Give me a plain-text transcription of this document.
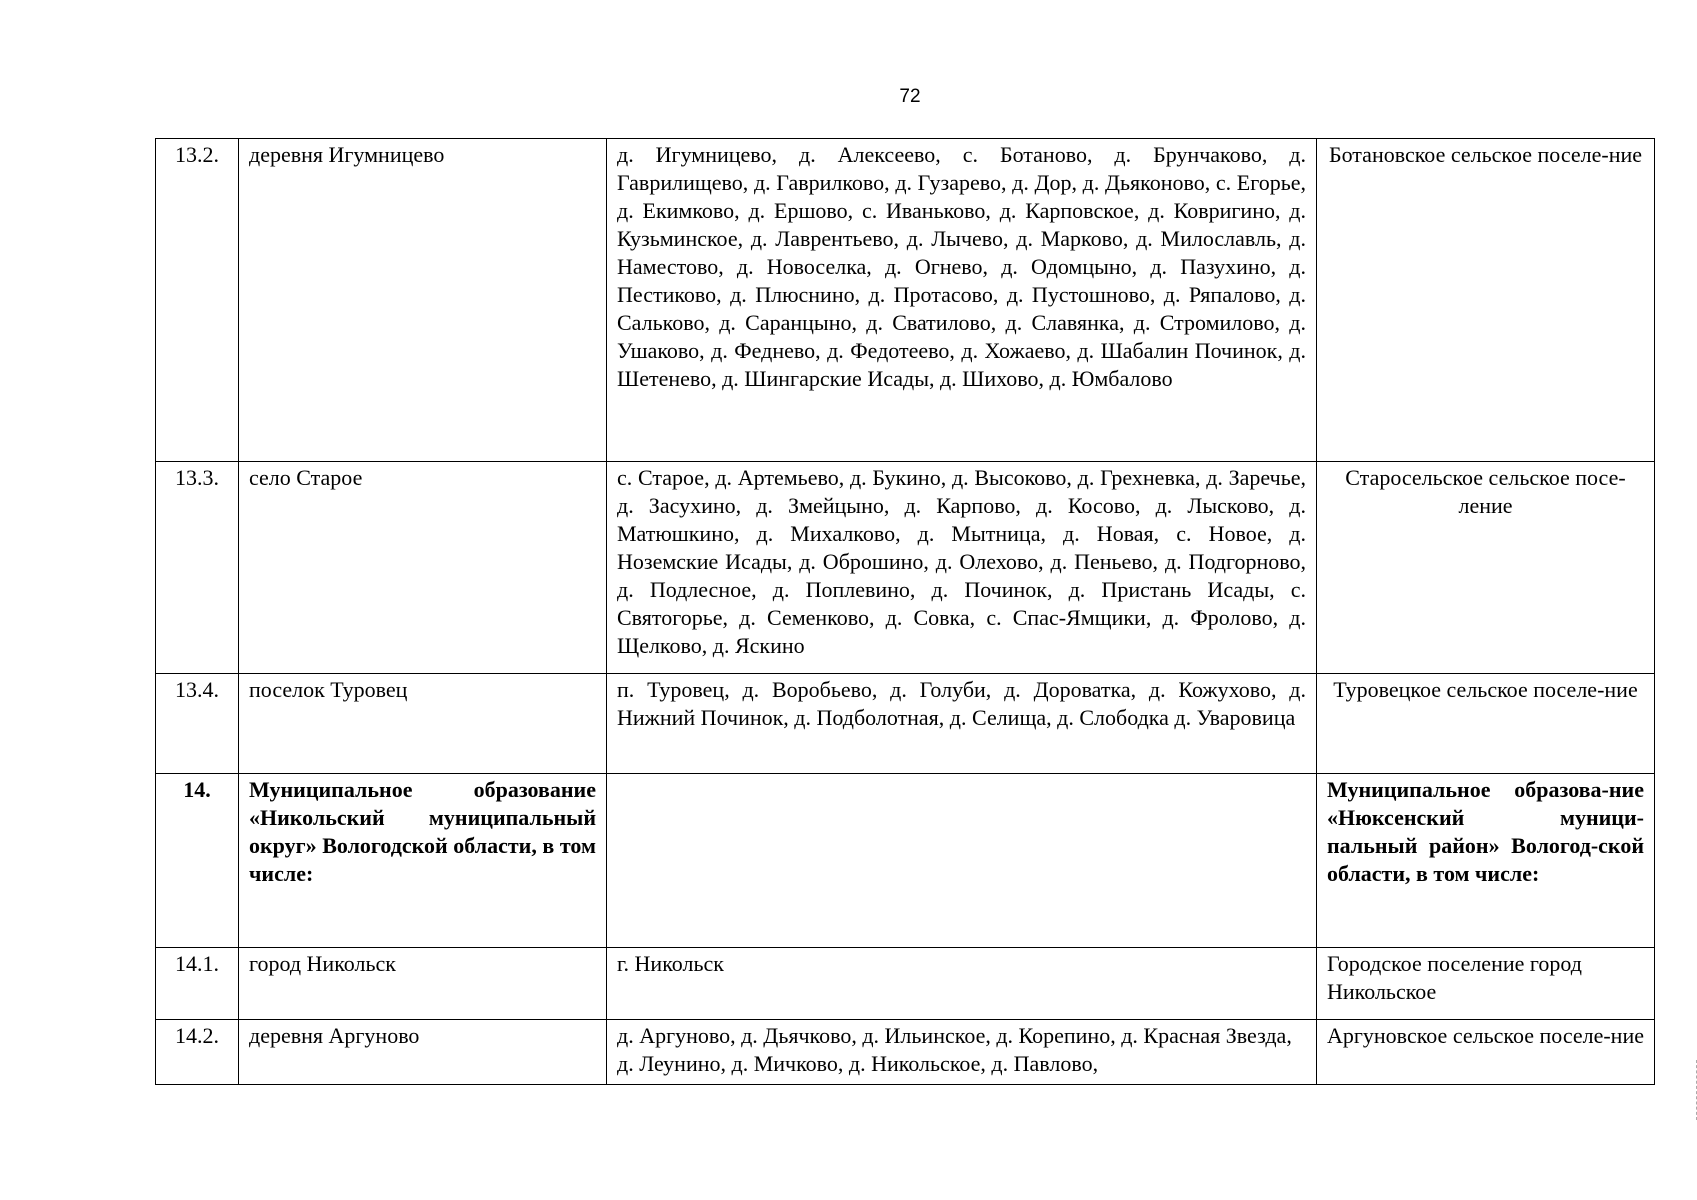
72
13.2.	деревня Игумницево	д. Игумницево, д. Алексеево, с. Ботаново, д. Брунчаково, д. Гаврилищево, д. Гаврилково, д. Гузарево, д. Дор, д. Дьяконово, с. Егорье, д. Екимково, д. Ершово, с. Иваньково, д. Карповское, д. Ковригино, д. Кузьминское, д. Лаврентьево, д. Лычево, д. Марково, д. Милославль, д. Наместово, д. Новоселка, д. Огнево, д. Одомцыно, д. Пазухино, д. Пестиково, д. Плюснино, д. Протасово, д. Пустошново, д. Ряпалово, д. Сальково, д. Саранцыно, д. Сватилово, д. Славянка, д. Стромилово, д. Ушаково, д. Феднево, д. Федотеево, д. Хожаево, д. Шабалин Починок, д. Шетенево, д. Шингарские Исады, д. Шихово, д. Юмбалово	Ботановское сельское поселе-ние
13.3.	село Старое	с. Старое, д. Артемьево, д. Букино, д. Высоково, д. Грехневка, д. Заречье, д. Засухино, д. Змейцыно, д. Карпово, д. Косово, д. Лысково, д. Матюшкино, д. Михалково, д. Мытница, д. Новая, с. Новое, д. Ноземские Исады, д. Оброшино, д. Олехово, д. Пеньево, д. Подгорново, д. Подлесное, д. Поплевино, д. Починок, д. Пристань Исады, с. Святогорье, д. Семенково, д. Совка, с. Спас-Ямщики, д. Фролово, д. Щелково, д. Яскино	Старосельское сельское посе-ление
13.4.	поселок Туровец	п. Туровец, д. Воробьево, д. Голуби, д. Дороватка, д. Кожухово, д. Нижний Починок, д. Подболотная, д. Селища, д. Слободка д. Уваровица	Туровецкое сельское поселе-ние
14.	Муниципальное образование «Никольский муниципальный округ» Вологодской области, в том числе:		Муниципальное образова-ние «Нюксенский муници-пальный район» Вологод-ской области, в том числе:
14.1.	город Никольск	г. Никольск	Городское поселение город Никольское
14.2.	деревня Аргуново	д. Аргуново, д. Дьячково, д. Ильинское, д. Корепино, д. Красная Звезда, д. Леунино, д. Мичково, д. Никольское, д. Павлово,	Аргуновское сельское поселе-ние
